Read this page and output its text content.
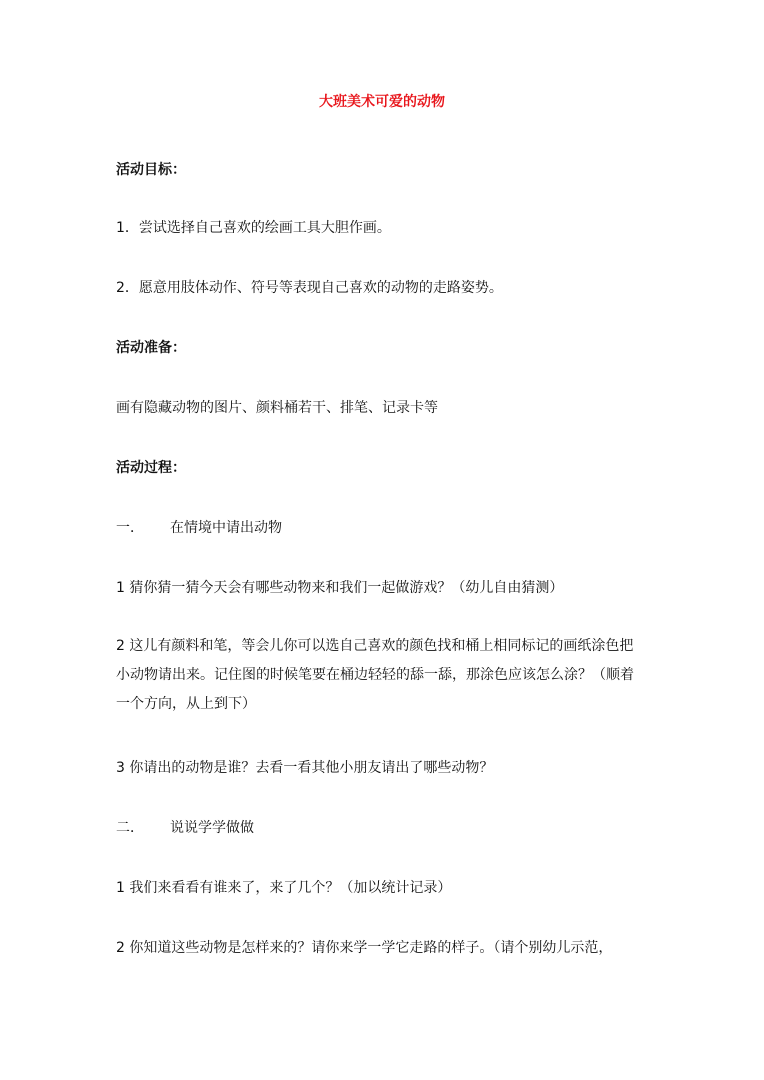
大班美术可爱的动物

活动目标：

1．尝试选择自己喜欢的绘画工具大胆作画。

2．愿意用肢体动作、符号等表现自己喜欢的动物的走路姿势。

活动准备：

画有隐藏动物的图片、颜料桶若干、排笔、记录卡等

活动过程：

一． 在情境中请出动物

1 猜你猜一猜今天会有哪些动物来和我们一起做游戏？（幼儿自由猜测）

2 这儿有颜料和笔，等会儿你可以选自己喜欢的颜色找和桶上相同标记的画纸涂色把小动物请出来。记住图的时候笔要在桶边轻轻的舔一舔，那涂色应该怎么涂？（顺着一个方向，从上到下）

3 你请出的动物是谁？去看一看其他小朋友请出了哪些动物？

二． 说说学学做做

1 我们来看看有谁来了，来了几个？（加以统计记录）

2 你知道这些动物是怎样来的？请你来学一学它走路的样子。（请个别幼儿示范，
